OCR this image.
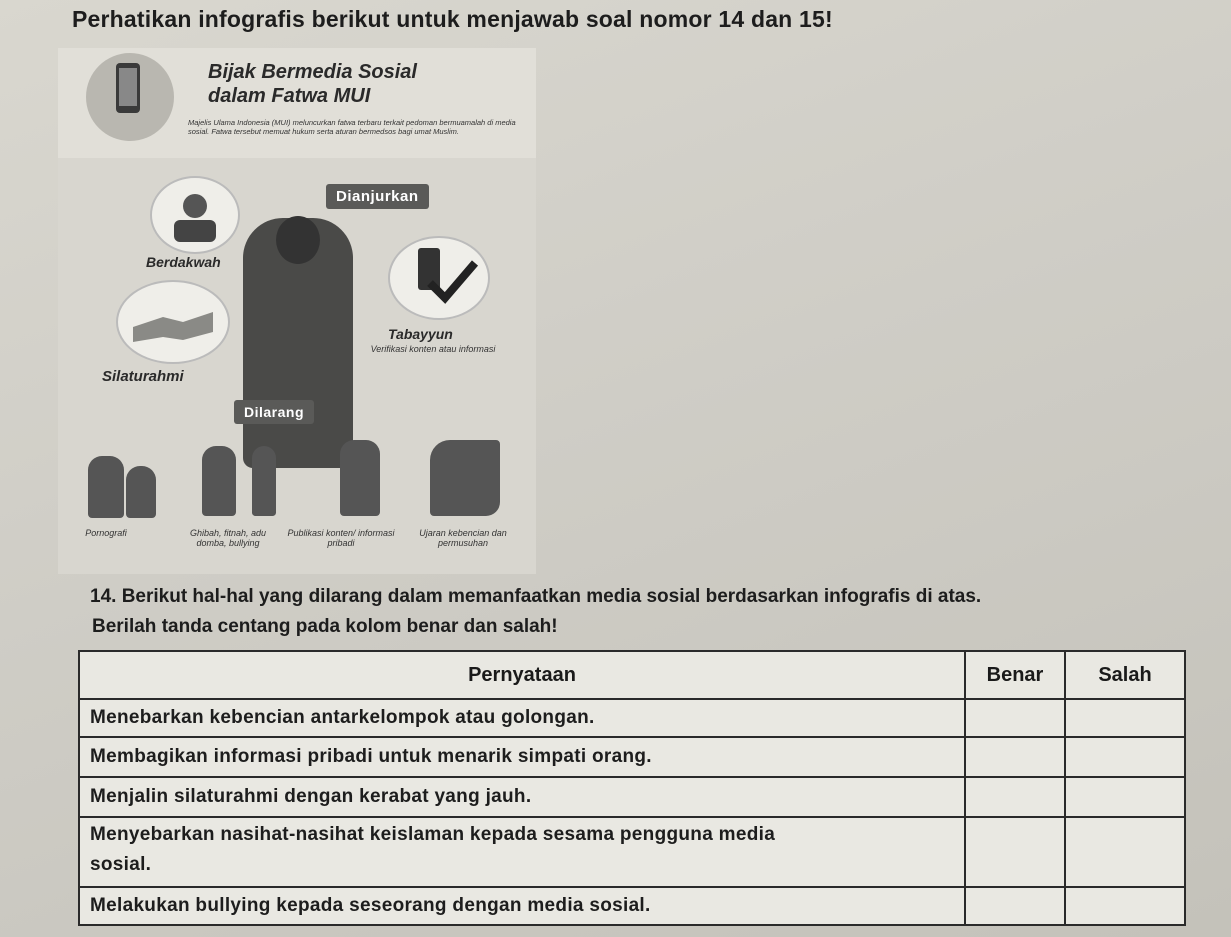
Perhatikan infografis berikut untuk menjawab soal nomor 14 dan 15!
Bijak Bermedia Sosial
dalam Fatwa MUI
Majelis Ulama Indonesia (MUI) meluncurkan fatwa terbaru terkait pedoman bermuamalah di media sosial. Fatwa tersebut memuat hukum serta aturan bermedsos bagi umat Muslim.
Berdakwah
Silaturahmi
Dianjurkan
Tabayyun
Verifikasi konten atau informasi
Dilarang
Pornografi	Ghibah, fitnah, adu domba, bullying
Publikasi konten/ informasi pribadi
Ujaran kebencian dan permusuhan
14. Berikut hal-hal yang dilarang dalam memanfaatkan media sosial berdasarkan infografis di atas.
Berilah tanda centang pada kolom benar dan salah!
Pernyataan	Benar	Salah
Menebarkan kebencian antarkelompok atau golongan.
Membagikan informasi pribadi untuk menarik simpati orang.
Menjalin silaturahmi dengan kerabat yang jauh.
Menyebarkan nasihat-nasihat keislaman kepada sesama pengguna media
sosial.
Melakukan bullying kepada seseorang dengan media sosial.
